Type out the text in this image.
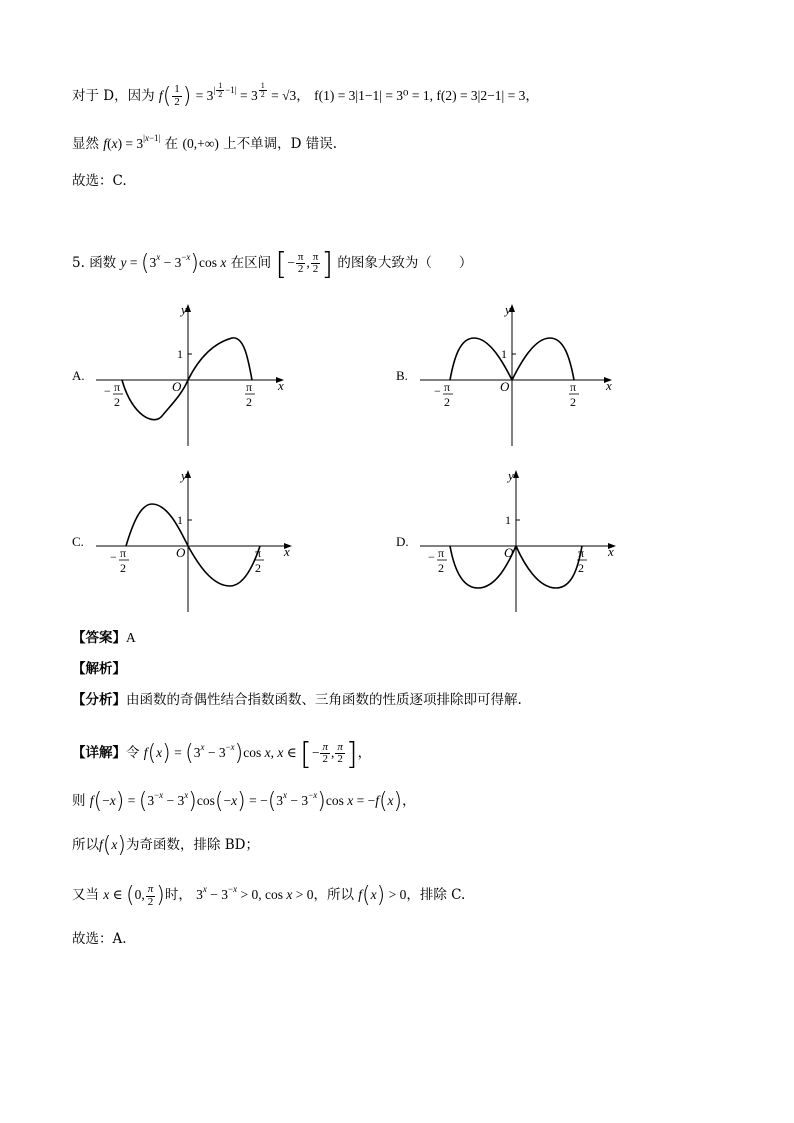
对于 D，因为 $f( \frac{1}{2}$ ) = $3^{| \frac{1}{2} -1|} = 3$ $^{\frac{1}{2}}$ = √3， f(1) = 3|1−1| = 3⁰ = 1, f(2) = 3|2−1| = 3，
显然 $f(x) = 3^{|x-1|}$ 在 (0,+∞) 上不单调，D 错误.
故选：C.
5. 函数 $y = (3^x - 3^{-x})\cos$ x 在区间 [− $\frac{\pi}{2}$ , $\frac{\pi}{2}$ ] 的图象大致为（　　）
A.	B.
C.	D.
y
x
O
1
− π
2
π
2
y
x
O
1
− π
2
π
2
y
x
O
1
− π
2
π
2
y
x
O
1
− π
2
π
2
【答案】A
【解析】
【分析】由函数的奇偶性结合指数函数、三角函数的性质逐项排除即可得解.
【详解】令 $f(x) = (3^x - 3^{-x})\cos$ x, x ∈ [− $\frac{\pi}{2}$ , $\frac{\pi}{2}$ ]，
则 $f(-x) = (3^{-x} - 3^x)\cos(-x) = -(3^x - 3^{-x})\cos$ x = −f(x)，
所以f(x)为奇函数，排除 BD；
又当 x ∈ (0, $\frac{\pi}{2}$ )时， $3^x - 3^{-x} > 0$, cos x > 0，所以 f(x) > 0，排除 C.
故选：A.
